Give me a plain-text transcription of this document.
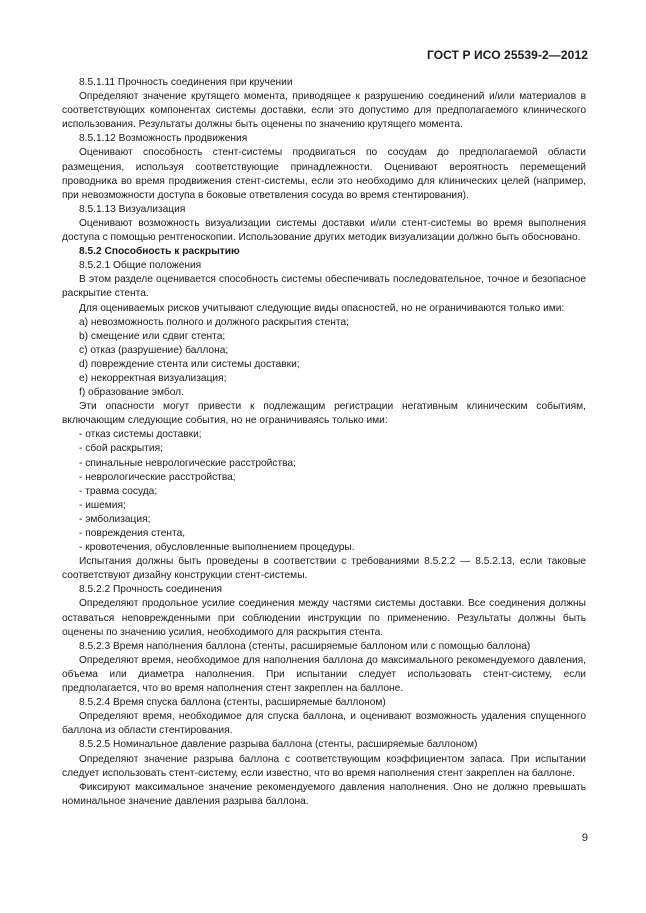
ГОСТ Р ИСО 25539-2—2012

8.5.1.11 Прочность соединения при кручении

Определяют значение крутящего момента, приводящее к разрушению соединений и/или материалов в соответствующих компонентах системы доставки, если это допустимо для предполагаемого клинического использования. Результаты должны быть оценены по значению крутящего момента.

8.5.1.12 Возможность продвижения

Оценивают способность стент-системы продвигаться по сосудам до предполагаемой области размещения, используя соответствующие принадлежности. Оценивают вероятность перемещений проводника во время продвижения стент-системы, если это необходимо для клинических целей (например, при невозможности доступа в боковые ответвления сосуда во время стентирования).

8.5.1.13 Визуализация

Оценивают возможность визуализации системы доставки и/или стент-системы во время выполнения доступа с помощью рентгеноскопии. Использование других методик визуализации должно быть обосновано.

8.5.2 Способность к раскрытию

8.5.2.1 Общие положения

В этом разделе оценивается способность системы обеспечивать последовательное, точное и безопасное раскрытие стента.

Для оцениваемых рисков учитывают следующие виды опасностей, но не ограничиваются только ими:

a) невозможность полного и должного раскрытия стента;

b) смещение или сдвиг стента;

c) отказ (разрушение) баллона;

d) повреждение стента или системы доставки;

e) некорректная визуализация;

f) образование эмбол.

Эти опасности могут привести к подлежащим регистрации негативным клиническим событиям, включающим следующие события, но не ограничиваясь только ими:

- отказ системы доставки;

- сбой раскрытия;

- спинальные неврологические расстройства;

- неврологические расстройства;

- травма сосуда;

- ишемия;

- эмболизация;

- повреждения стента,

- кровотечения, обусловленные выполнением процедуры.

Испытания должны быть проведены в соответствии с требованиями 8.5.2.2 — 8.5.2.13, если таковые соответствуют дизайну конструкции стент-системы.

8.5.2.2 Прочность соединения

Определяют продольное усилие соединения между частями системы доставки. Все соединения должны оставаться неповрежденными при соблюдении инструкции по применению. Результаты должны быть оценены по значению усилия, необходимого для раскрытия стента.

8.5.2.3 Время наполнения баллона (стенты, расширяемые баллоном или с помощью баллона)

Определяют время, необходимое для наполнения баллона до максимального рекомендуемого давления, объема или диаметра наполнения. При испытании следует использовать стент-систему, если предполагается, что во время наполнения стент закреплен на баллоне.

8.5.2.4 Время спуска баллона (стенты, расширяемые баллоном)

Определяют время, необходимое для спуска баллона, и оценивают возможность удаления спущенного баллона из области стентирования.

8.5.2.5 Номинальное давление разрыва баллона (стенты, расширяемые баллоном)

Определяют значение разрыва баллона с соответствующим коэффициентом запаса. При испытании следует использовать стент-систему, если известно, что во время наполнения стент закреплен на баллоне.

Фиксируют максимальное значение рекомендуемого давления наполнения. Оно не должно превышать номинальное значение давления разрыва баллона.

9
